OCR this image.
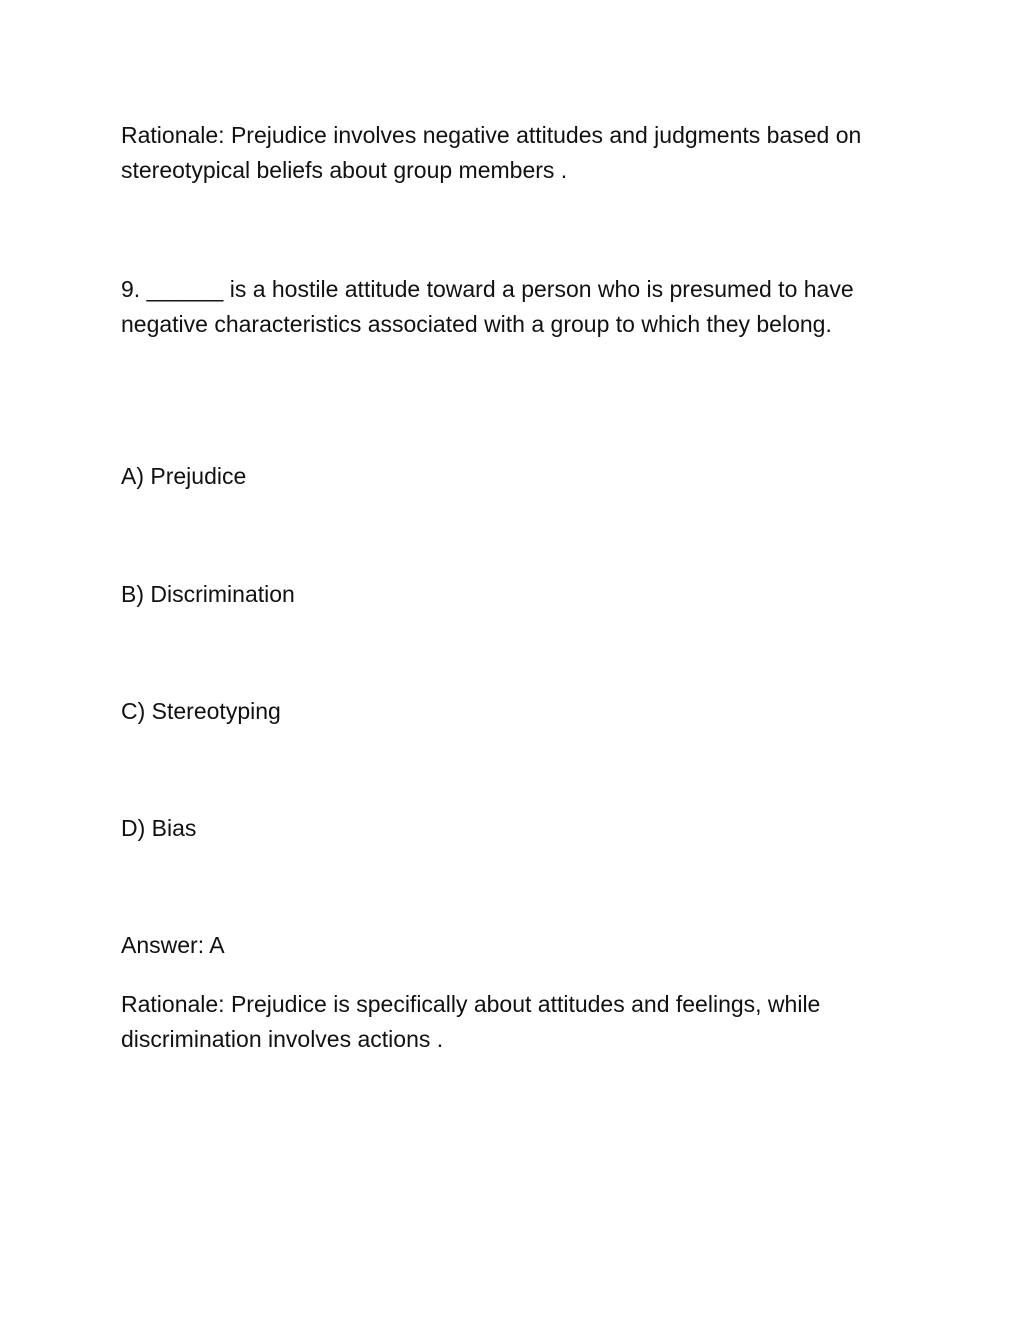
Rationale: Prejudice involves negative attitudes and judgments based on stereotypical beliefs about group members .

9. ______ is a hostile attitude toward a person who is presumed to have negative characteristics associated with a group to which they belong.

A) Prejudice

B) Discrimination

C) Stereotyping

D) Bias

Answer: A

Rationale: Prejudice is specifically about attitudes and feelings, while discrimination involves actions .
